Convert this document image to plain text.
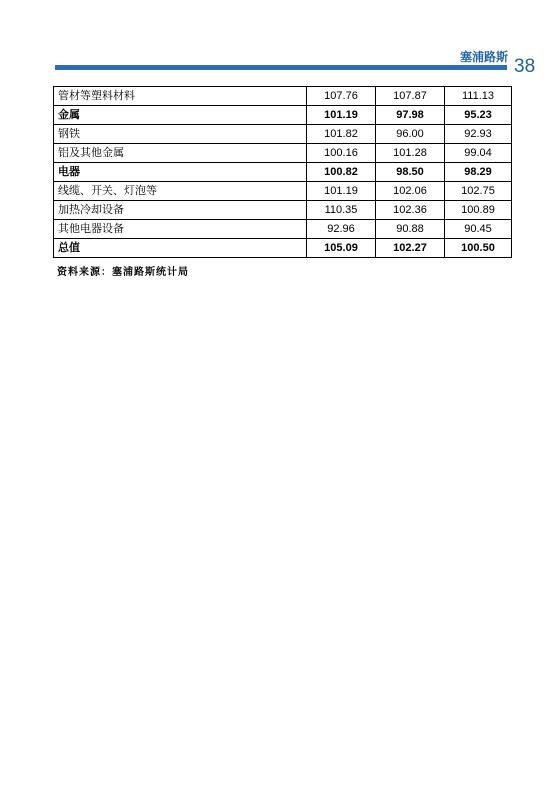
塞浦路斯 38
管材等塑料材料	107.76	107.87	111.13
金属	101.19	97.98	95.23
钢铁	101.82	96.00	92.93
铝及其他金属	100.16	101.28	99.04
电器	100.82	98.50	98.29
线缆、开关、灯泡等	101.19	102.06	102.75
加热冷却设备	110.35	102.36	100.89
其他电器设备	92.96	90.88	90.45
总值	105.09	102.27	100.50
资料来源：塞浦路斯统计局
